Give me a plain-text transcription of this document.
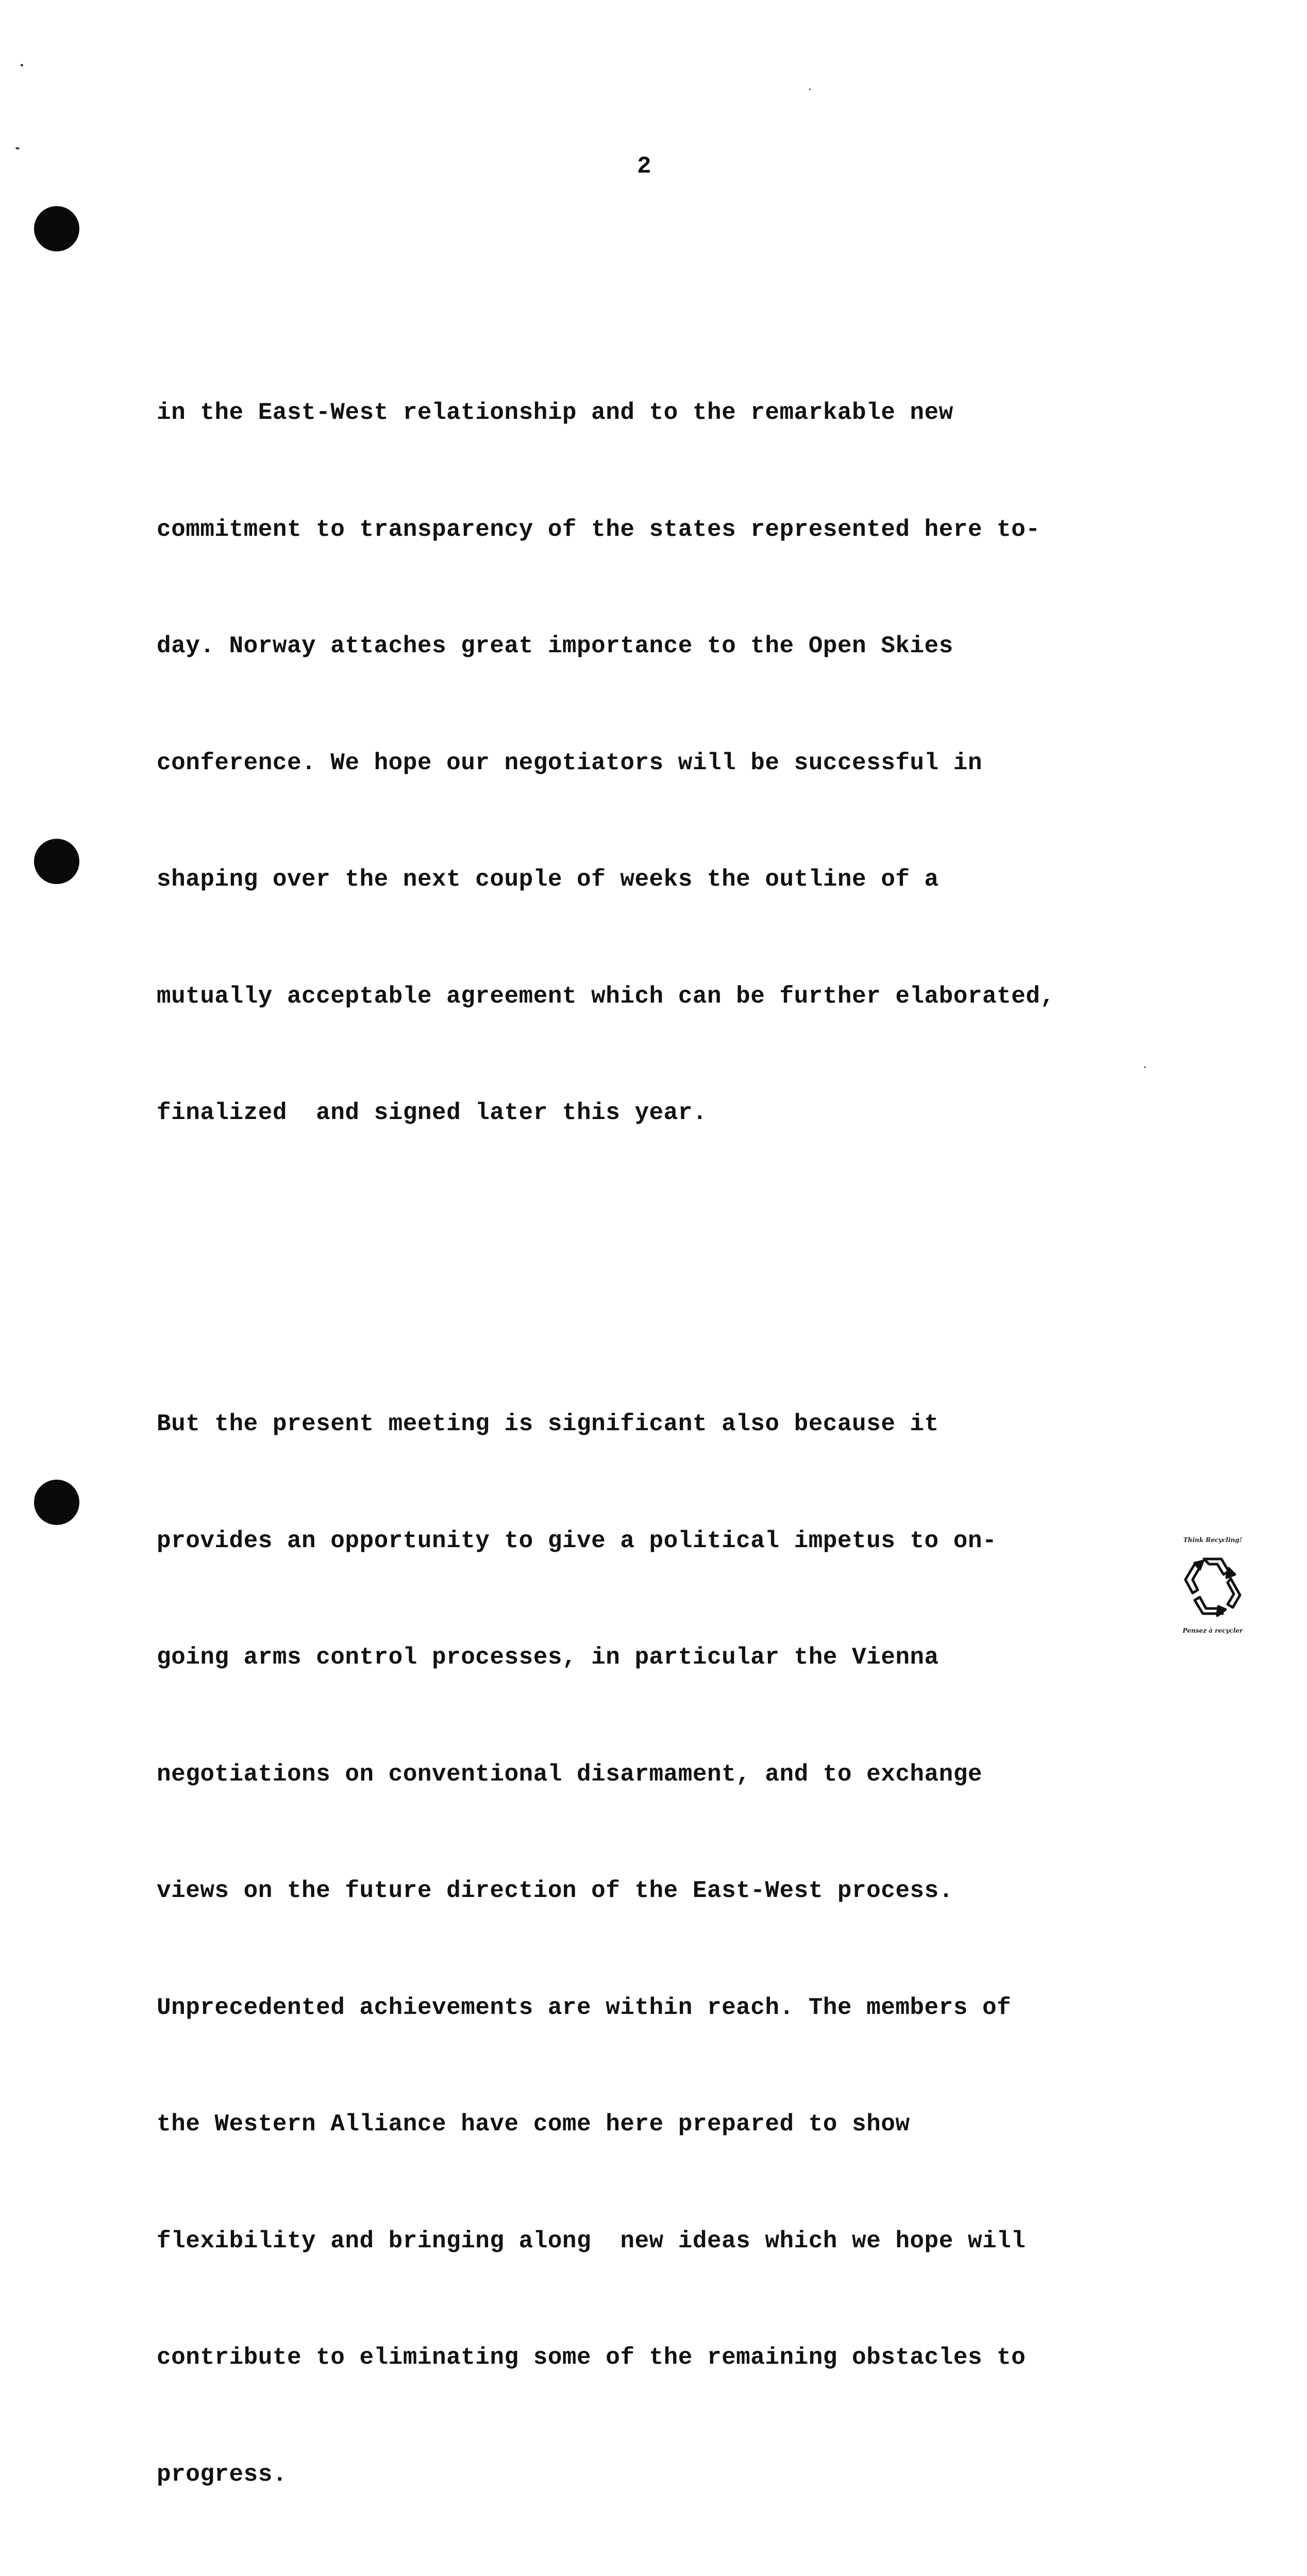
2

in the East-West relationship and to the remarkable new

commitment to transparency of the states represented here to-

day. Norway attaches great importance to the Open Skies

conference. We hope our negotiators will be successful in

shaping over the next couple of weeks the outline of a

mutually acceptable agreement which can be further elaborated,

finalized  and signed later this year.

But the present meeting is significant also because it

provides an opportunity to give a political impetus to on-

going arms control processes, in particular the Vienna

negotiations on conventional disarmament, and to exchange

views on the future direction of the East-West process.

Unprecedented achievements are within reach. The members of

the Western Alliance have come here prepared to show

flexibility and bringing along  new ideas which we hope will

contribute to eliminating some of the remaining obstacles to

progress.

Think Recycling!
Pensez à recycler
